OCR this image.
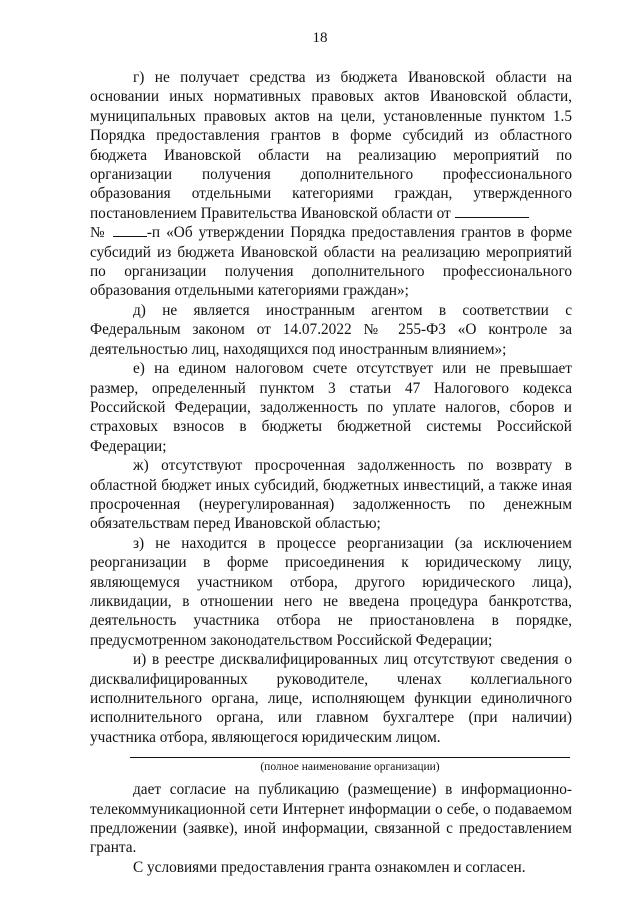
18

г) не получает средства из бюджета Ивановской области на основании иных нормативных правовых актов Ивановской области, муниципальных правовых актов на цели, установленные пунктом 1.5 Порядка предоставления грантов в форме субсидий из областного бюджета Ивановской области на реализацию мероприятий по организации получения дополнительного профессионального образования отдельными категориями граждан, утвержденного постановлением Правительства Ивановской области от
№	-п «Об утверждении Порядка предоставления грантов в форме субсидий из бюджета Ивановской области на реализацию мероприятий по организации получения дополнительного профессионального образования отдельными категориями граждан»;

д) не является иностранным агентом в соответствии с Федеральным законом от 14.07.2022 № 255-ФЗ «О контроле за деятельностью лиц, находящихся под иностранным влиянием»;

е) на едином налоговом счете отсутствует или не превышает размер, определенный пунктом 3 статьи 47 Налогового кодекса Российской Федерации, задолженность по уплате налогов, сборов и страховых взносов в бюджеты бюджетной системы Российской Федерации;

ж) отсутствуют просроченная задолженность по возврату в областной бюджет иных субсидий, бюджетных инвестиций, а также иная просроченная (неурегулированная) задолженность по денежным обязательствам перед Ивановской областью;

з) не находится в процессе реорганизации (за исключением реорганизации в форме присоединения к юридическому лицу, являющемуся участником отбора, другого юридического лица), ликвидации, в отношении него не введена процедура банкротства, деятельность участника отбора не приостановлена в порядке, предусмотренном законодательством Российской Федерации;

и) в реестре дисквалифицированных лиц отсутствуют сведения о дисквалифицированных руководителе, членах коллегиального исполнительного органа, лице, исполняющем функции единоличного исполнительного органа, или главном бухгалтере (при наличии) участника отбора, являющегося юридическим лицом.

(полное наименование организации)

дает согласие на публикацию (размещение) в информационно-телекоммуникационной сети Интернет информации о себе, о подаваемом предложении (заявке), иной информации, связанной с предоставлением гранта.

С условиями предоставления гранта ознакомлен и согласен.
